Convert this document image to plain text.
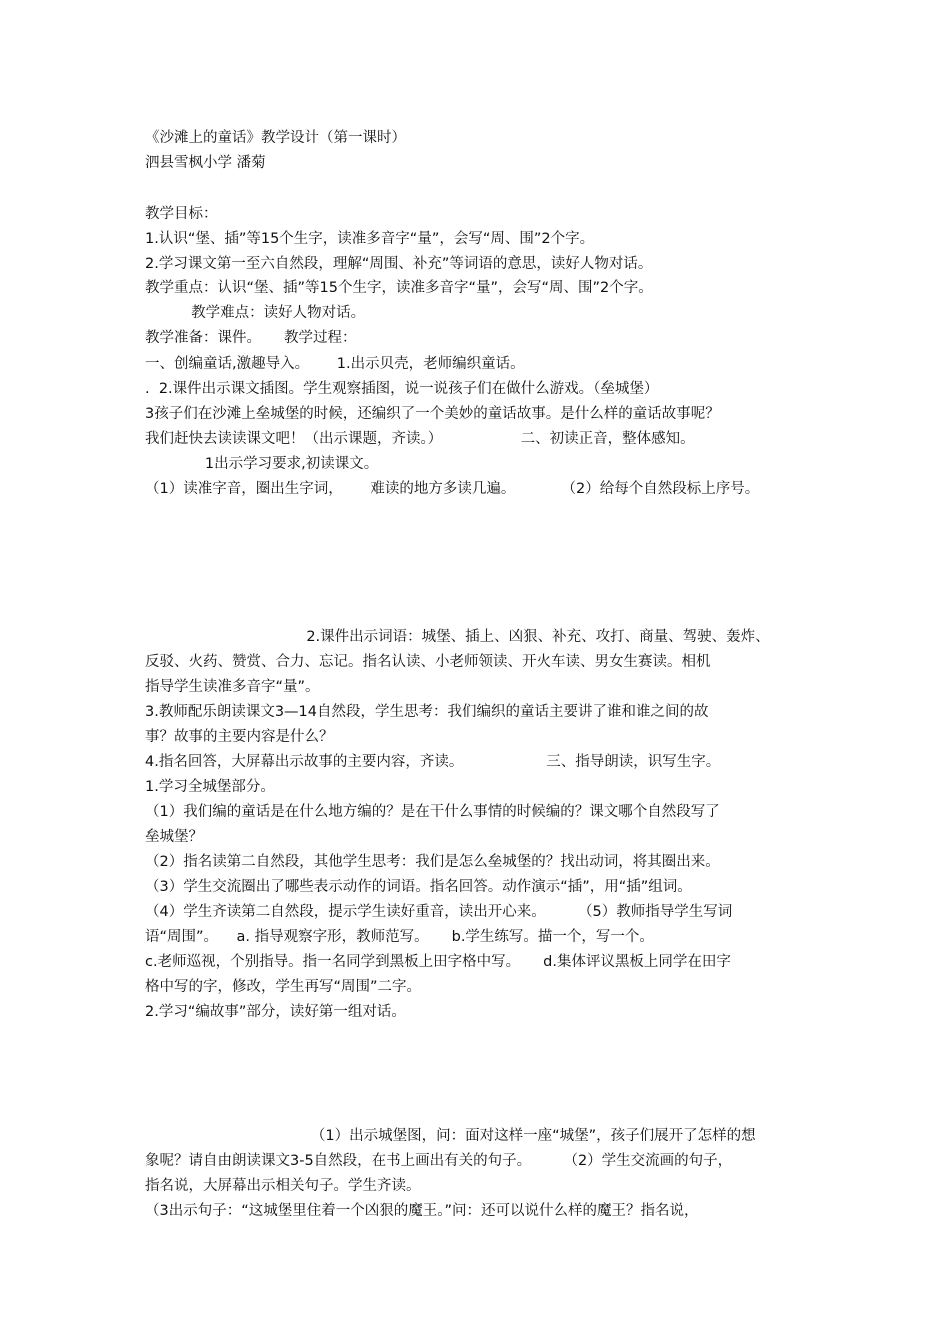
《沙滩上的童话》教学设计（第一课时）
泗县雪枫小学 潘菊
教学目标：
1.认识“堡、插”等15个生字，读准多音字“量”，会写“周、围”2个字。
2.学习课文第一至六自然段，理解“周围、补充”等词语的意思，读好人物对话。
教学重点：认识“堡、插”等15个生字，读准多音字“量”，会写“周、围”2个字。
教学难点：读好人物对话。
教学准备：课件。     教学过程：
一、创编童话,激趣导入。      1.出示贝壳，老师编织童话。
.  2.课件出示课文插图。学生观察插图，说一说孩子们在做什么游戏。（垒城堡）
3孩子们在沙滩上垒城堡的时候，还编织了一个美妙的童话故事。是什么样的童话故事呢？
我们赶快去读读课文吧！（出示课题，齐读。）                 二、初读正音，整体感知。
1出示学习要求,初读课文。
（1）读准字音，圈出生字词，      难读的地方多读几遍。          （2）给每个自然段标上序号。
2.课件出示词语：城堡、插上、凶狠、补充、攻打、商量、驾驶、轰炸、
反驳、火药、赞赏、合力、忘记。指名认读、小老师领读、开火车读、男女生赛读。相机
指导学生读准多音字“量”。
3.教师配乐朗读课文3—14自然段，学生思考：我们编织的童话主要讲了谁和谁之间的故
事？故事的主要内容是什么？
4.指名回答，大屏幕出示故事的主要内容，齐读。                  三、指导朗读，识写生字。
1.学习全城堡部分。
（1）我们编的童话是在什么地方编的？是在干什么事情的时候编的？课文哪个自然段写了
垒城堡？
（2）指名读第二自然段，其他学生思考：我们是怎么垒城堡的？找出动词，将其圈出来。
（3）学生交流圈出了哪些表示动作的词语。指名回答。动作演示“插”，用“插”组词。
（4）学生齐读第二自然段，提示学生读好重音，读出开心来。       （5）教师指导学生写词
语“周围”。    a. 指导观察字形，教师范写。     b.学生练写。描一个，写一个。
c.老师巡视，个别指导。指一名同学到黑板上田字格中写。     d.集体评议黑板上同学在田字
格中写的字，修改，学生再写“周围”二字。
2.学习“编故事”部分，读好第一组对话。
（1）出示城堡图，问：面对这样一座“城堡”，孩子们展开了怎样的想
象呢？请自由朗读课文3-5自然段，在书上画出有关的句子。       （2）学生交流画的句子，
指名说，大屏幕出示相关句子。学生齐读。
（3出示句子：“这城堡里住着一个凶狠的魔王。”问：还可以说什么样的魔王？指名说，
